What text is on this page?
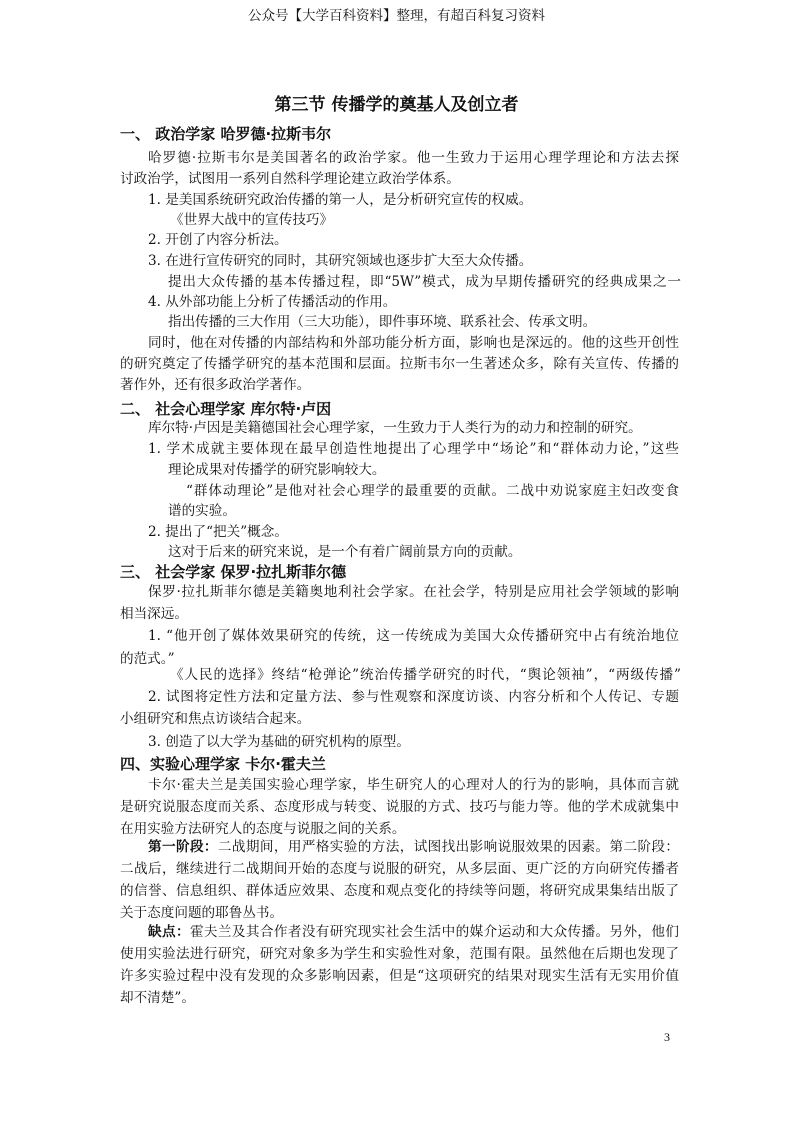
公众号【大学百科资料】整理，有超百科复习资料
第三节 传播学的奠基人及创立者
一、 政治学家 哈罗德·拉斯韦尔
哈罗德·拉斯韦尔是美国著名的政治学家。他一生致力于运用心理学理论和方法去探
讨政治学，试图用一系列自然科学理论建立政治学体系。
1. 是美国系统研究政治传播的第一人，是分析研究宣传的权威。
《世界大战中的宣传技巧》
2. 开创了内容分析法。
3. 在进行宣传研究的同时，其研究领域也逐步扩大至大众传播。
提出大众传播的基本传播过程，即“5W”模式，成为早期传播研究的经典成果之一
4. 从外部功能上分析了传播活动的作用。
指出传播的三大作用（三大功能），即件事环境、联系社会、传承文明。
同时，他在对传播的内部结构和外部功能分析方面，影响也是深远的。他的这些开创性
的研究奠定了传播学研究的基本范围和层面。拉斯韦尔一生著述众多，除有关宣传、传播的
著作外，还有很多政治学著作。
二、 社会心理学家 库尔特·卢因
库尔特·卢因是美籍德国社会心理学家，一生致力于人类行为的动力和控制的研究。
1. 学术成就主要体现在最早创造性地提出了心理学中“场论”和“群体动力论，”这些
理论成果对传播学的研究影响较大。
“群体动理论”是他对社会心理学的最重要的贡献。二战中劝说家庭主妇改变食
谱的实验。
2. 提出了“把关”概念。
这对于后来的研究来说，是一个有着广阔前景方向的贡献。
三、 社会学家 保罗·拉扎斯菲尔德
保罗·拉扎斯菲尔德是美籍奥地利社会学家。在社会学，特别是应用社会学领域的影响
相当深远。
1. “他开创了媒体效果研究的传统，这一传统成为美国大众传播研究中占有统治地位
的范式。”
《人民的选择》终结“枪弹论”统治传播学研究的时代，“舆论领袖”，“两级传播”
2. 试图将定性方法和定量方法、参与性观察和深度访谈、内容分析和个人传记、专题
小组研究和焦点访谈结合起来。
3. 创造了以大学为基础的研究机构的原型。
四、实验心理学家 卡尔·霍夫兰
卡尔·霍夫兰是美国实验心理学家，毕生研究人的心理对人的行为的影响，具体而言就
是研究说服态度而关系、态度形成与转变、说服的方式、技巧与能力等。他的学术成就集中
在用实验方法研究人的态度与说服之间的关系。
第一阶段：二战期间，用严格实验的方法，试图找出影响说服效果的因素。第二阶段：
二战后，继续进行二战期间开始的态度与说服的研究，从多层面、更广泛的方向研究传播者
的信誉、信息组织、群体适应效果、态度和观点变化的持续等问题，将研究成果集结出版了
关于态度问题的耶鲁丛书。
缺点：霍夫兰及其合作者没有研究现实社会生活中的媒介运动和大众传播。另外，他们
使用实验法进行研究，研究对象多为学生和实验性对象，范围有限。虽然他在后期也发现了
许多实验过程中没有发现的众多影响因素，但是“这项研究的结果对现实生活有无实用价值
却不清楚”。
3
